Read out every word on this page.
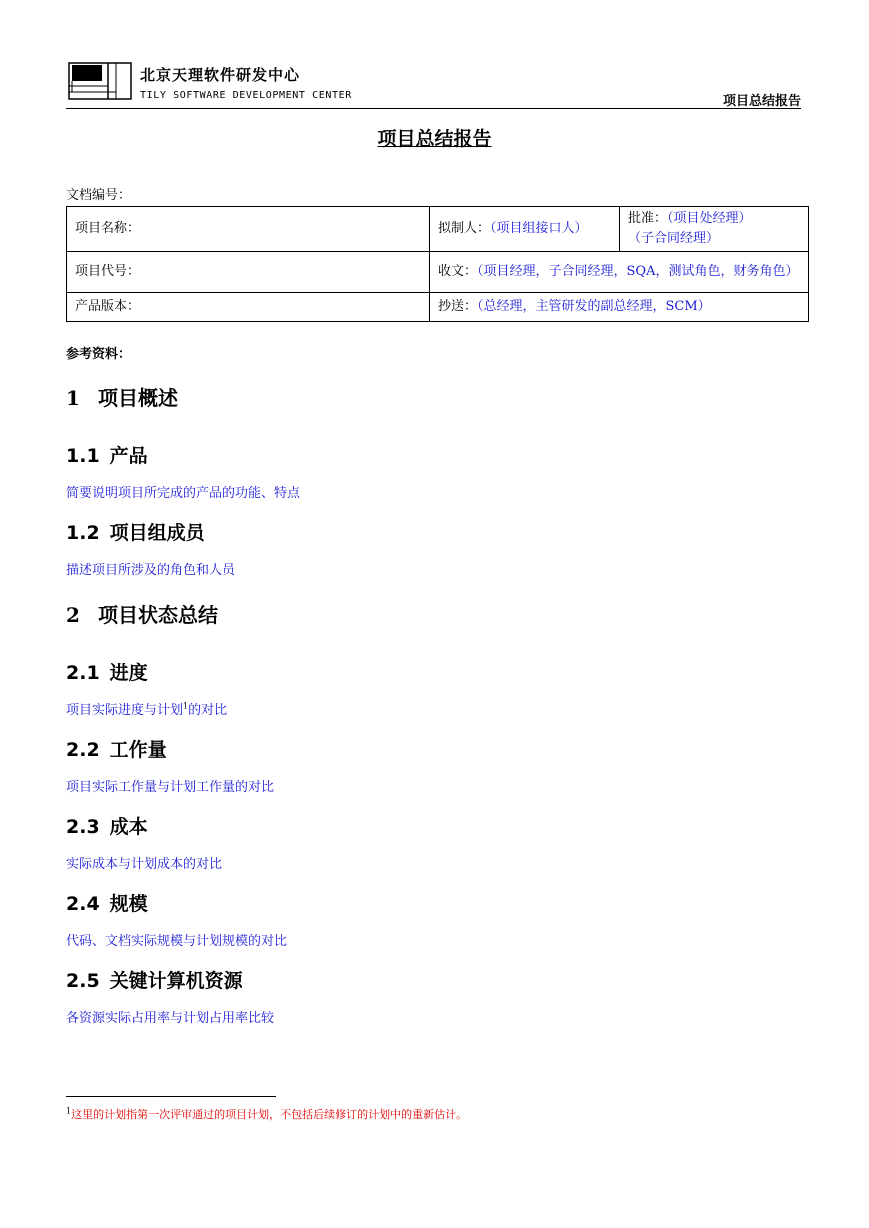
北京天理软件研发中心
TILY SOFTWARE DEVELOPMENT CENTER	项目总结报告
项目总结报告
文档编号：
项目名称：	拟制人：（项目组接口人）	批准：（项目处经理）
（子合同经理）
项目代号：	收文：（项目经理，子合同经理，SQA，测试角色，财务角色）	
产品版本：	抄送：（总经理，主管研发的副总经理，SCM）	
参考资料：
1 项目概述
1.1 产品
简要说明项目所完成的产品的功能、特点
1.2 项目组成员
描述项目所涉及的角色和人员
2 项目状态总结
2.1 进度
项目实际进度与计划$^1$的对比
2.2 工作量
项目实际工作量与计划工作量的对比
2.3 成本
实际成本与计划成本的对比
2.4 规模
代码、文档实际规模与计划规模的对比
2.5 关键计算机资源
各资源实际占用率与计划占用率比较
$^1$这里的计划指第一次评审通过的项目计划，不包括后续修订的计划中的重新估计。
